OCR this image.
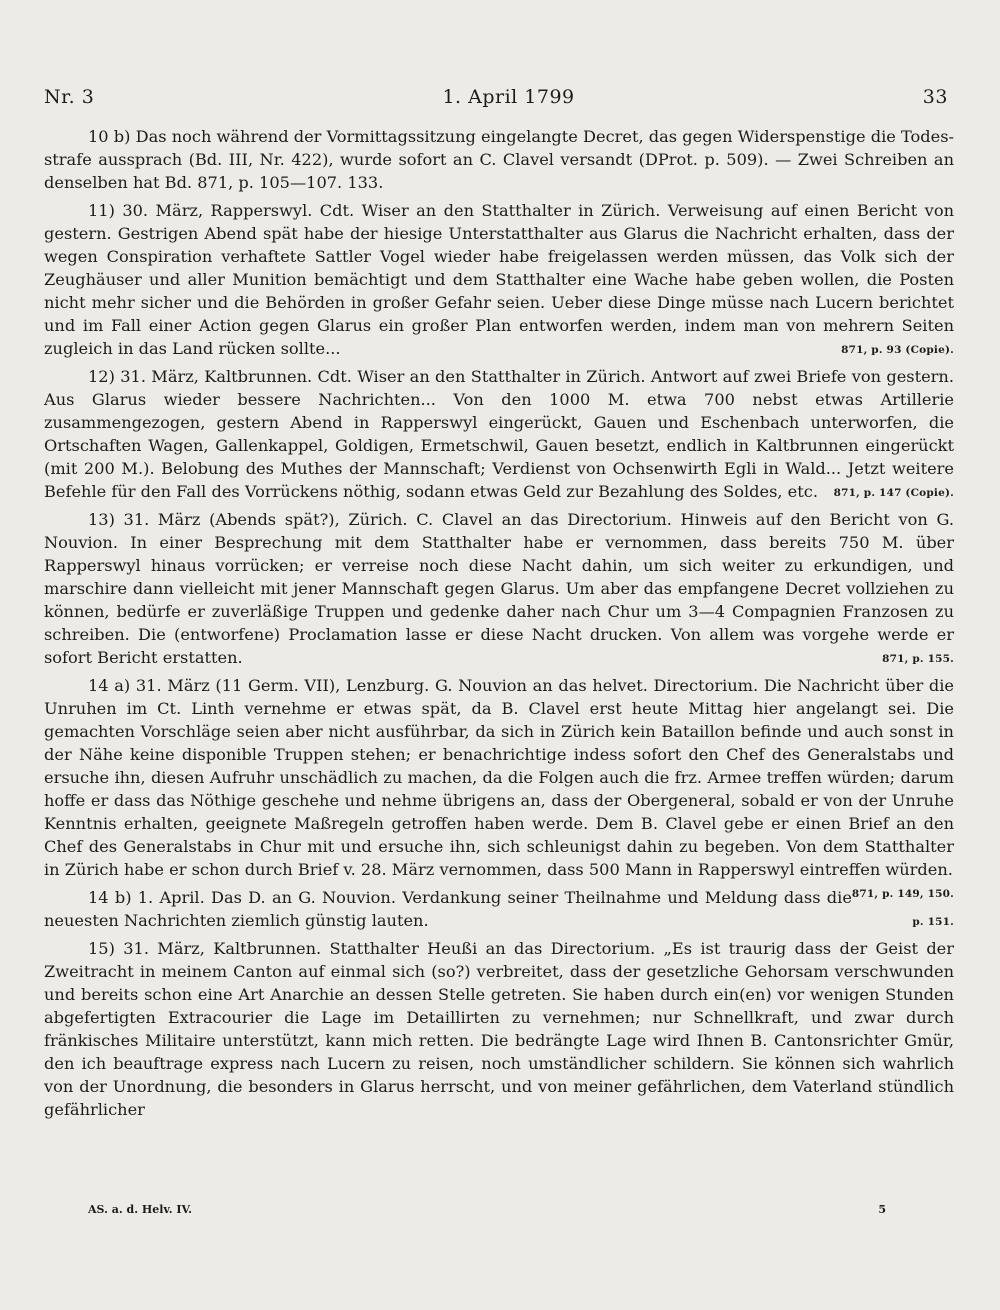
Nr. 3	1. April 1799	33

10 b) Das noch während der Vormittagssitzung eingelangte Decret, das gegen Widerspenstige die Todes- strafe aussprach (Bd. III, Nr. 422), wurde sofort an C. Clavel versandt (DProt. p. 509). — Zwei Schreiben an denselben hat Bd. 871, p. 105—107. 133.

11) 30. März, Rapperswyl. Cdt. Wiser an den Statthalter in Zürich. Verweisung auf einen Bericht von gestern. Gestrigen Abend spät habe der hiesige Unterstatthalter aus Glarus die Nachricht erhalten, dass der wegen Conspiration verhaftete Sattler Vogel wieder habe freigelassen werden müssen, das Volk sich der Zeughäuser und aller Munition bemächtigt und dem Statthalter eine Wache habe geben wollen, die Posten nicht mehr sicher und die Behörden in großer Gefahr seien. Ueber diese Dinge müsse nach Lucern berichtet und im Fall einer Action gegen Glarus ein großer Plan entworfen werden, indem man von mehrern Seiten zugleich in das Land rücken sollte...	871, p. 93 (Copie).

12) 31. März, Kaltbrunnen. Cdt. Wiser an den Statthalter in Zürich. Antwort auf zwei Briefe von gestern. Aus Glarus wieder bessere Nachrichten... Von den 1000 M. etwa 700 nebst etwas Artillerie zusammengezogen, gestern Abend in Rapperswyl eingerückt, Gauen und Eschenbach unterworfen, die Ortschaften Wagen, Gallenkappel, Goldigen, Ermetschwil, Gauen besetzt, endlich in Kaltbrunnen eingerückt (mit 200 M.). Belobung des Muthes der Mannschaft; Verdienst von Ochsenwirth Egli in Wald... Jetzt weitere Befehle für den Fall des Vorrückens nöthig, sodann etwas Geld zur Bezahlung des Soldes, etc. 871, p. 147 (Copie).

13) 31. März (Abends spät?), Zürich. C. Clavel an das Directorium. Hinweis auf den Bericht von G. Nouvion. In einer Besprechung mit dem Statthalter habe er vernommen, dass bereits 750 M. über Rapperswyl hinaus vorrücken; er verreise noch diese Nacht dahin, um sich weiter zu erkundigen, und marschire dann vielleicht mit jener Mannschaft gegen Glarus. Um aber das empfangene Decret vollziehen zu können, bedürfe er zuverläßige Truppen und gedenke daher nach Chur um 3—4 Compagnien Franzosen zu schreiben. Die (entworfene) Proclamation lasse er diese Nacht drucken. Von allem was vorgehe werde er sofort Bericht erstatten.	871, p. 155.

14 a) 31. März (11 Germ. VII), Lenzburg. G. Nouvion an das helvet. Directorium. Die Nachricht über die Unruhen im Ct. Linth vernehme er etwas spät, da B. Clavel erst heute Mittag hier angelangt sei. Die gemachten Vorschläge seien aber nicht ausführbar, da sich in Zürich kein Bataillon befinde und auch sonst in der Nähe keine disponible Truppen stehen; er benachrichtige indess sofort den Chef des Generalstabs und ersuche ihn, diesen Aufruhr unschädlich zu machen, da die Folgen auch die frz. Armee treffen würden; darum hoffe er dass das Nöthige geschehe und nehme übrigens an, dass der Obergeneral, sobald er von der Unruhe Kenntnis erhalten, geeignete Maßregeln getroffen haben werde. Dem B. Clavel gebe er einen Brief an den Chef des Generalstabs in Chur mit und ersuche ihn, sich schleunigst dahin zu begeben. Von dem Statthalter in Zürich habe er schon durch Brief v. 28. März vernommen, dass 500 Mann in Rapperswyl eintreffen würden.
871, p. 149, 150.

14 b) 1. April. Das D. an G. Nouvion. Verdankung seiner Theilnahme und Meldung dass die neuesten Nachrichten ziemlich günstig lauten.	p. 151.

15) 31. März, Kaltbrunnen. Statthalter Heußi an das Directorium. „Es ist traurig dass der Geist der Zweitracht in meinem Canton auf einmal sich (so?) verbreitet, dass der gesetzliche Gehorsam verschwunden und bereits schon eine Art Anarchie an dessen Stelle getreten. Sie haben durch ein(en) vor wenigen Stunden abgefertigten Extracourier die Lage im Detaillirten zu vernehmen; nur Schnellkraft, und zwar durch fränkisches Militaire unterstützt, kann mich retten. Die bedrängte Lage wird Ihnen B. Cantonsrichter Gmür, den ich beauftrage express nach Lucern zu reisen, noch umständlicher schildern. Sie können sich wahrlich von der Unordnung, die besonders in Glarus herrscht, und von meiner gefährlichen, dem Vaterland stündlich gefährlicher

AS. a. d. Helv. IV.	5
